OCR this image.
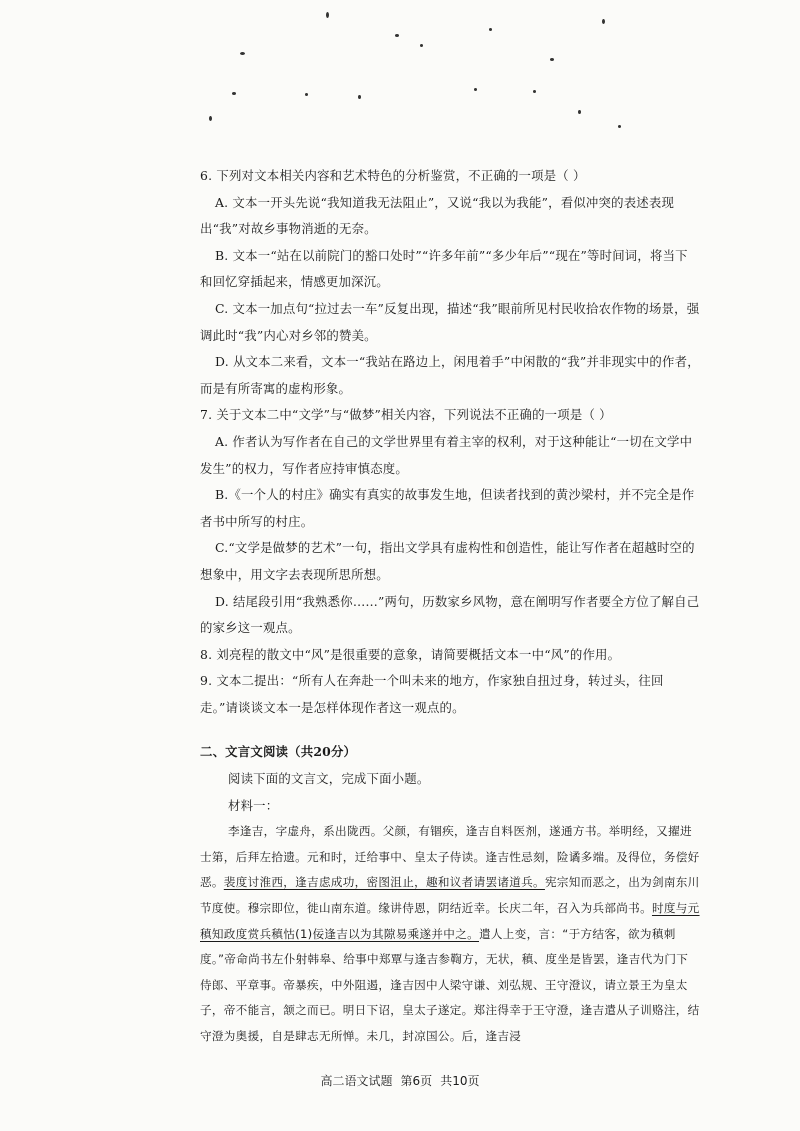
6. 下列对文本相关内容和艺术特色的分析鉴赏，不正确的一项是（ ）

A. 文本一开头先说“我知道我无法阻止”，又说“我以为我能”，看似冲突的表述表现出“我”对故乡事物消逝的无奈。

B. 文本一“站在以前院门的豁口处时”“许多年前”“多少年后”“现在”等时间词，将当下和回忆穿插起来，情感更加深沉。

C. 文本一加点句“拉过去一车”反复出现，描述“我”眼前所见村民收拾农作物的场景，强调此时“我”内心对乡邻的赞美。

D. 从文本二来看，文本一“我站在路边上，闲甩着手”中闲散的“我”并非现实中的作者，而是有所寄寓的虚构形象。

7. 关于文本二中“文学”与“做梦”相关内容，下列说法不正确的一项是（ ）

A. 作者认为写作者在自己的文学世界里有着主宰的权利，对于这种能让“一切在文学中发生”的权力，写作者应持审慎态度。

B.《一个人的村庄》确实有真实的故事发生地，但读者找到的黄沙梁村，并不完全是作者书中所写的村庄。

C.“文学是做梦的艺术”一句，指出文学具有虚构性和创造性，能让写作者在超越时空的想象中，用文字去表现所思所想。

D. 结尾段引用“我熟悉你……”两句，历数家乡风物，意在阐明写作者要全方位了解自己的家乡这一观点。

8. 刘亮程的散文中“风”是很重要的意象，请简要概括文本一中“风”的作用。

9. 文本二提出：“所有人在奔赴一个叫未来的地方，作家独自扭过身，转过头，往回走。”请谈谈文本一是怎样体现作者这一观点的。

二、文言文阅读（共20分）

阅读下面的文言文，完成下面小题。

材料一：

李逢吉，字虚舟，系出陇西。父颜，有锢疾，逢吉自料医剂，遂通方书。举明经，又擢进士第，后拜左拾遗。元和时，迁给事中、皇太子侍读。逢吉性忌刻，险谲多端。及得位，务偿好恶。裴度讨淮西，逢吉虑成功，密图沮止，趣和议者请罢诸道兵。宪宗知而恶之，出为剑南东川节度使。穆宗即位，徙山南东道。缘讲侍恩，阴结近幸。长庆二年，召入为兵部尚书。时度与元稹知政度赏兵稹怙(1)佞逢吉以为其隙易乘遂并中之。遣人上变，言：“于方结客，欲为稹刺度。”帝命尚书左仆射韩皋、给事中郑覃与逢吉参鞫方，无状，稹、度坐是皆罢，逢吉代为门下侍郎、平章事。帝暴疾，中外阻遏，逢吉因中人梁守谦、刘弘规、王守澄议，请立景王为皇太子，帝不能言，颔之而已。明日下诏，皇太子遂定。郑注得幸于王守澄，逢吉遣从子训赂注，结守澄为奥援，自是肆志无所惮。未几，封凉国公。后，逢吉浸

高二语文试题 第6页 共10页
